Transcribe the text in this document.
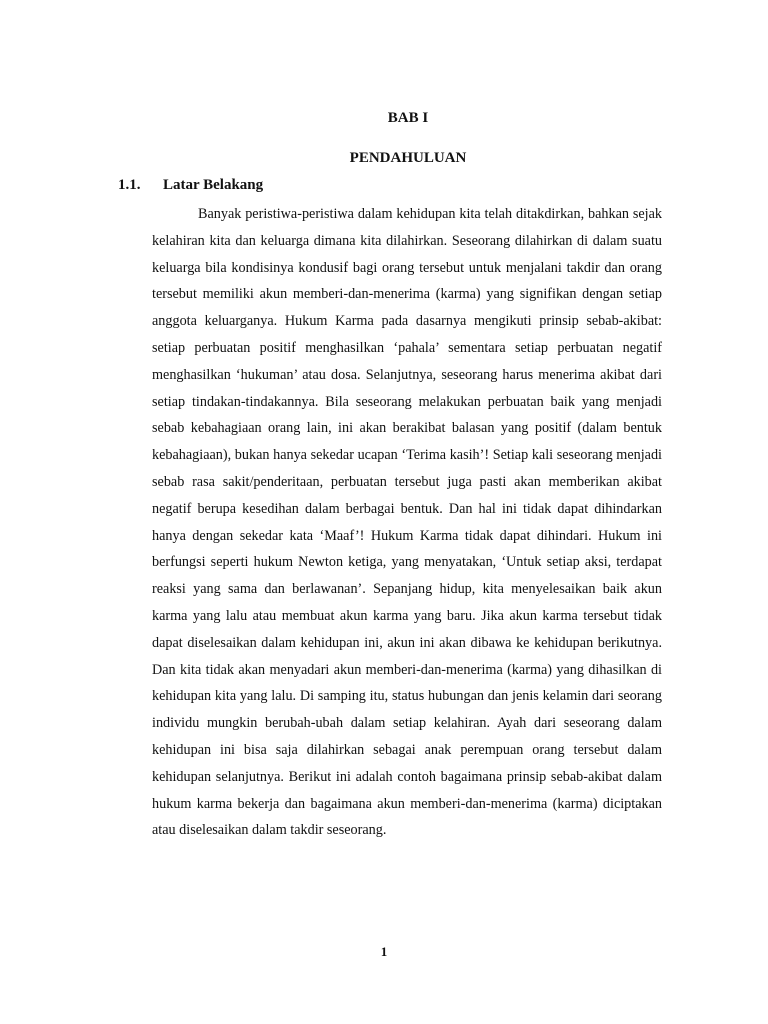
BAB I
PENDAHULUAN
1.1. Latar Belakang

Banyak peristiwa-peristiwa dalam kehidupan kita telah ditakdirkan, bahkan sejak kelahiran kita dan keluarga dimana kita dilahirkan. Seseorang dilahirkan di dalam suatu keluarga bila kondisinya kondusif bagi orang tersebut untuk menjalani takdir dan orang tersebut memiliki akun memberi-dan-menerima (karma) yang signifikan dengan setiap anggota keluarganya. Hukum Karma pada dasarnya mengikuti prinsip sebab-akibat: setiap perbuatan positif menghasilkan ‘pahala’ sementara setiap perbuatan negatif menghasilkan ‘hukuman’ atau dosa. Selanjutnya, seseorang harus menerima akibat dari setiap tindakan-tindakannya. Bila seseorang melakukan perbuatan baik yang menjadi sebab kebahagiaan orang lain, ini akan berakibat balasan yang positif (dalam bentuk kebahagiaan), bukan hanya sekedar ucapan ‘Terima kasih’! Setiap kali seseorang menjadi sebab rasa sakit/penderitaan, perbuatan tersebut juga pasti akan memberikan akibat negatif berupa kesedihan dalam berbagai bentuk. Dan hal ini tidak dapat dihindarkan hanya dengan sekedar kata ‘Maaf’! Hukum Karma tidak dapat dihindari. Hukum ini berfungsi seperti hukum Newton ketiga, yang menyatakan, ‘Untuk setiap aksi, terdapat reaksi yang sama dan berlawanan’. Sepanjang hidup, kita menyelesaikan baik akun karma yang lalu atau membuat akun karma yang baru. Jika akun karma tersebut tidak dapat diselesaikan dalam kehidupan ini, akun ini akan dibawa ke kehidupan berikutnya. Dan kita tidak akan menyadari akun memberi-dan-menerima (karma) yang dihasilkan di kehidupan kita yang lalu. Di samping itu, status hubungan dan jenis kelamin dari seorang individu mungkin berubah-ubah dalam setiap kelahiran. Ayah dari seseorang dalam kehidupan ini bisa saja dilahirkan sebagai anak perempuan orang tersebut dalam kehidupan selanjutnya. Berikut ini adalah contoh bagaimana prinsip sebab-akibat dalam hukum karma bekerja dan bagaimana akun memberi-dan-menerima (karma) diciptakan atau diselesaikan dalam takdir seseorang.

1
